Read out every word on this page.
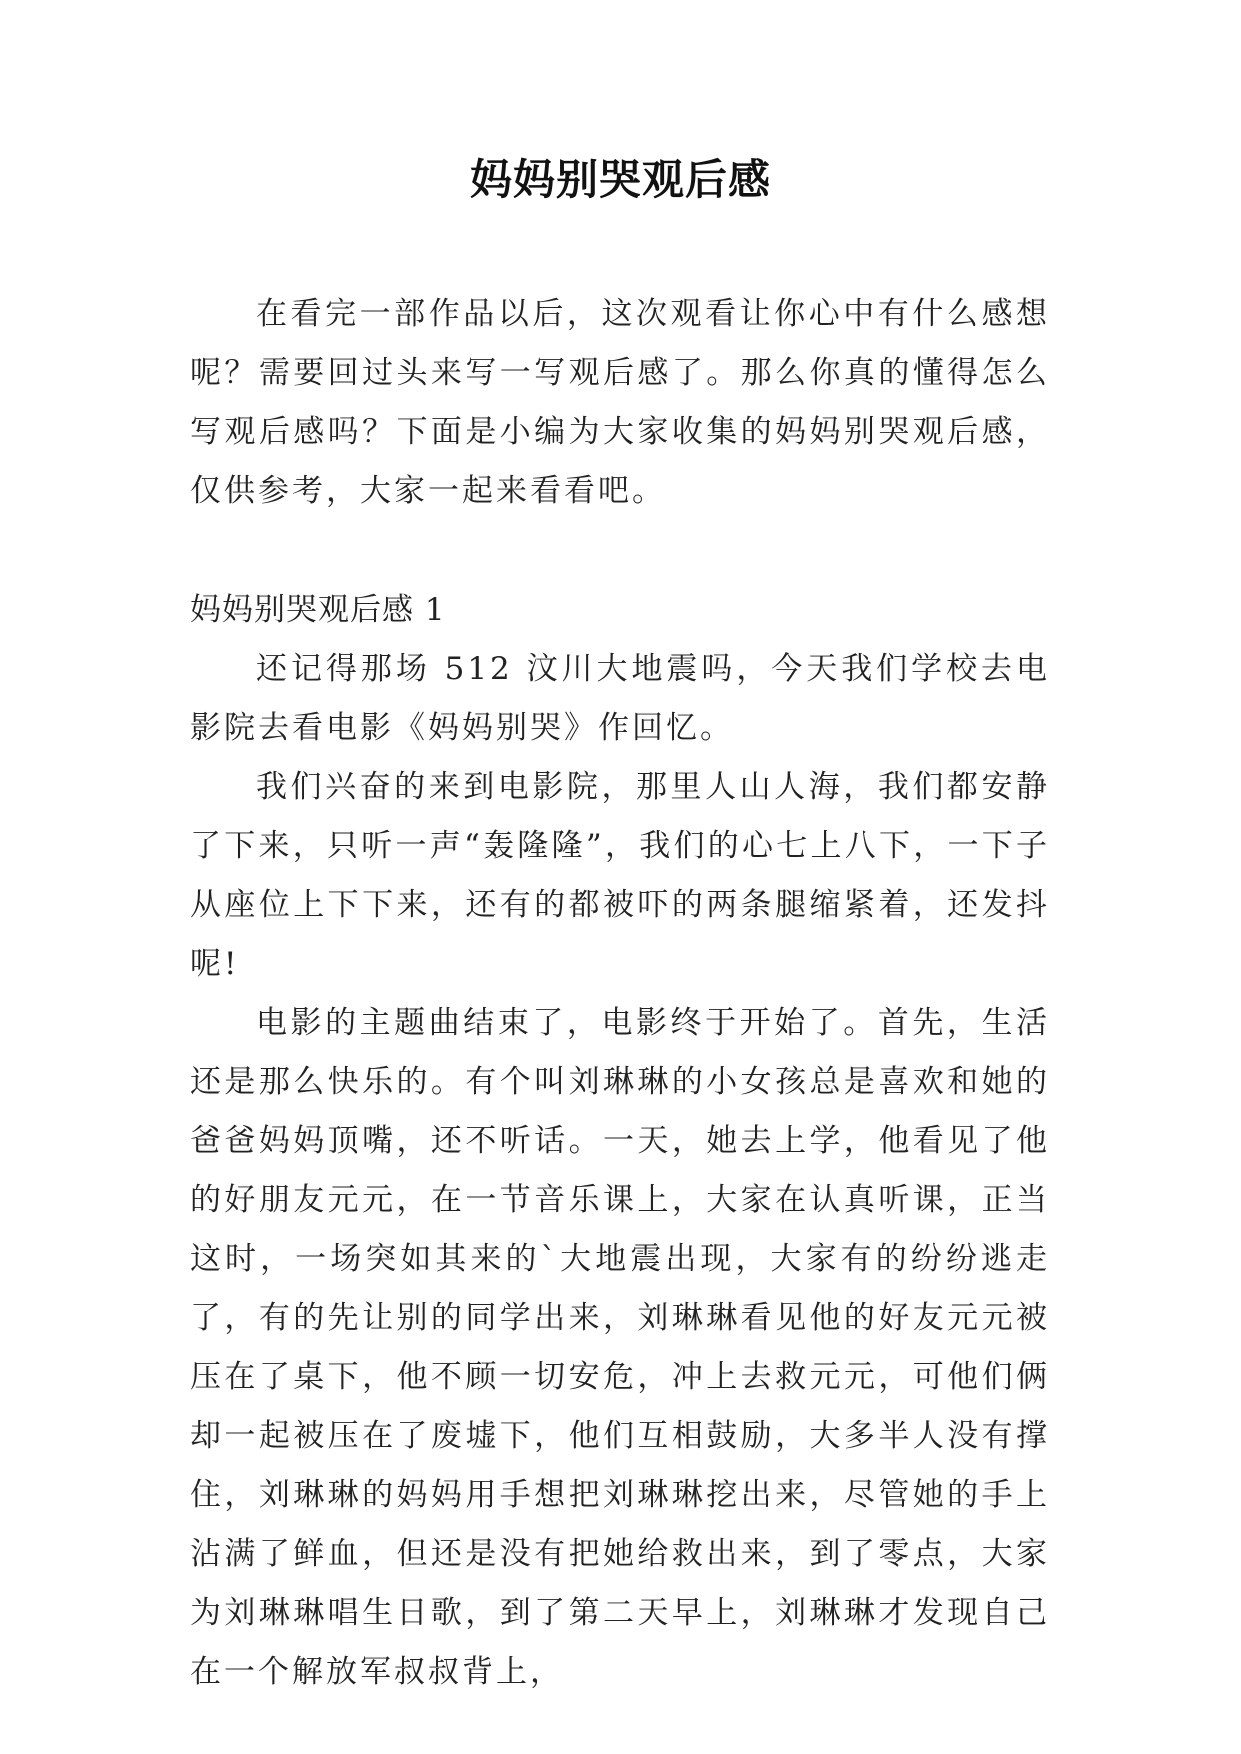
妈妈别哭观后感

在看完一部作品以后，这次观看让你心中有什么感想呢？需要回过头来写一写观后感了。那么你真的懂得怎么写观后感吗？下面是小编为大家收集的妈妈别哭观后感，仅供参考，大家一起来看看吧。

妈妈别哭观后感 1

还记得那场 512 汶川大地震吗，今天我们学校去电影院去看电影《妈妈别哭》作回忆。

我们兴奋的来到电影院，那里人山人海，我们都安静了下来，只听一声“轰隆隆”，我们的心七上八下，一下子从座位上下下来，还有的都被吓的两条腿缩紧着，还发抖呢!

电影的主题曲结束了，电影终于开始了。首先，生活还是那么快乐的。有个叫刘琳琳的小女孩总是喜欢和她的爸爸妈妈顶嘴，还不听话。一天，她去上学，他看见了他的好朋友元元，在一节音乐课上，大家在认真听课，正当这时，一场突如其来的`大地震出现，大家有的纷纷逃走了，有的先让别的同学出来，刘琳琳看见他的好友元元被压在了桌下，他不顾一切安危，冲上去救元元，可他们俩却一起被压在了废墟下，他们互相鼓励，大多半人没有撑住，刘琳琳的妈妈用手想把刘琳琳挖出来，尽管她的手上沾满了鲜血，但还是没有把她给救出来，到了零点，大家为刘琳琳唱生日歌，到了第二天早上，刘琳琳才发现自己在一个解放军叔叔背上，
